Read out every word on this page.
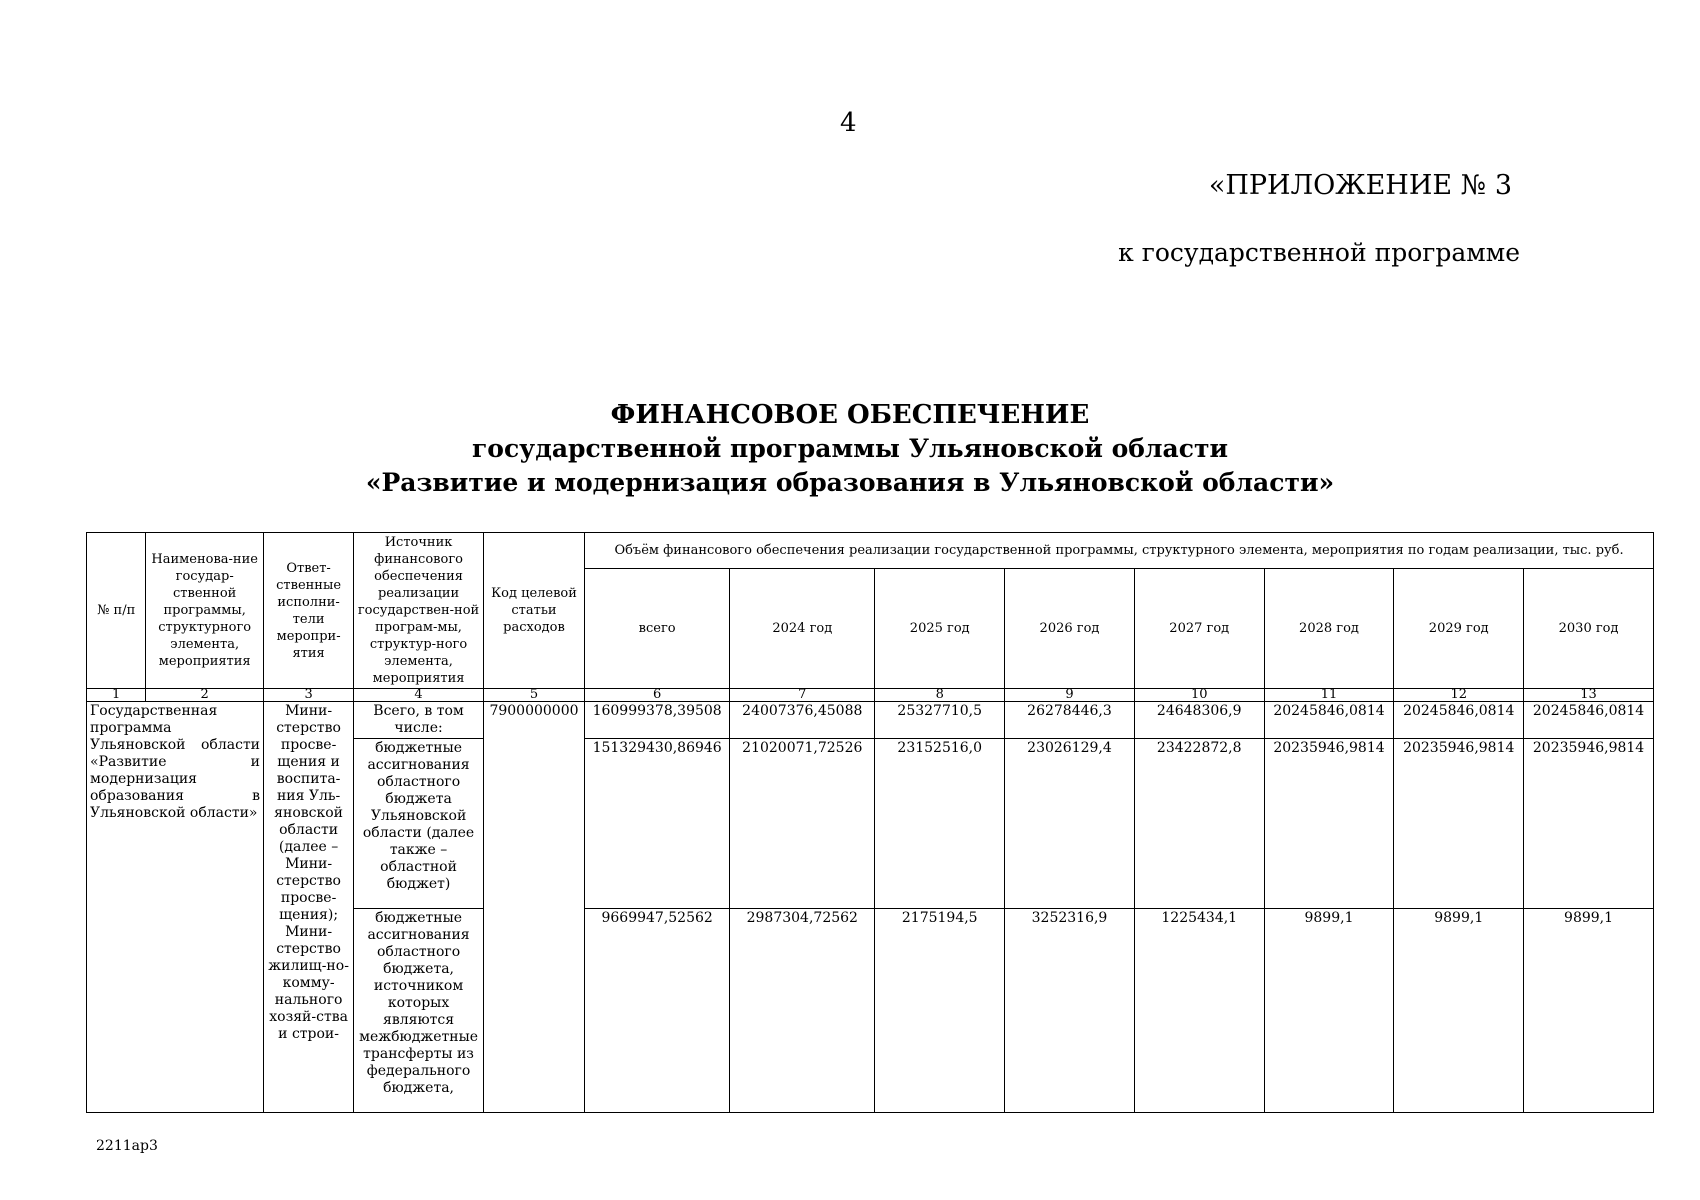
4
«ПРИЛОЖЕНИЕ № 3
к государственной программе
ФИНАНСОВОЕ ОБЕСПЕЧЕНИЕ
государственной программы Ульяновской области
«Развитие и модернизация образования в Ульяновской области»
№ п/п	Наименова-ние государ-ственной программы, структурного элемента, мероприятия	Ответ-ственные исполни-тели меропри-ятия	Источник финансового обеспечения реализации государствен-ной програм-мы, структур-ного элемента, мероприятия	Код целевой статьи расходов	Объём финансового обеспечения реализации государственной программы, структурного элемента, мероприятия по годам реализации, тыс. руб.							
					всего	2024 год	2025 год	2026 год	2027 год	2028 год	2029 год	2030 год
1	2	3	4	5	6	7	8	9	10	11	12	13
Государственная программа Ульяновской области «Развитие и модернизация образования в Ульяновской области»		Мини-стерство просве-щения и воспита-ния Уль-яновской области (далее – Мини-стерство просве-щения); Мини-стерство жилищ-но-комму-нального хозяй-ства и строи-	Всего, в том числе:	7900000000	160999378,39508	24007376,45088	25327710,5	26278446,3	24648306,9	20245846,0814	20245846,0814	20245846,0814
			бюджетные ассигнования областного бюджета Ульяновской области (далее также – областной бюджет)		151329430,86946	21020071,72526	23152516,0	23026129,4	23422872,8	20235946,9814	20235946,9814	20235946,9814
			бюджетные ассигнования областного бюджета, источником которых являются межбюджетные трансферты из федерального бюджета,		9669947,52562	2987304,72562	2175194,5	3252316,9	1225434,1	9899,1	9899,1	9899,1
2211ар3
